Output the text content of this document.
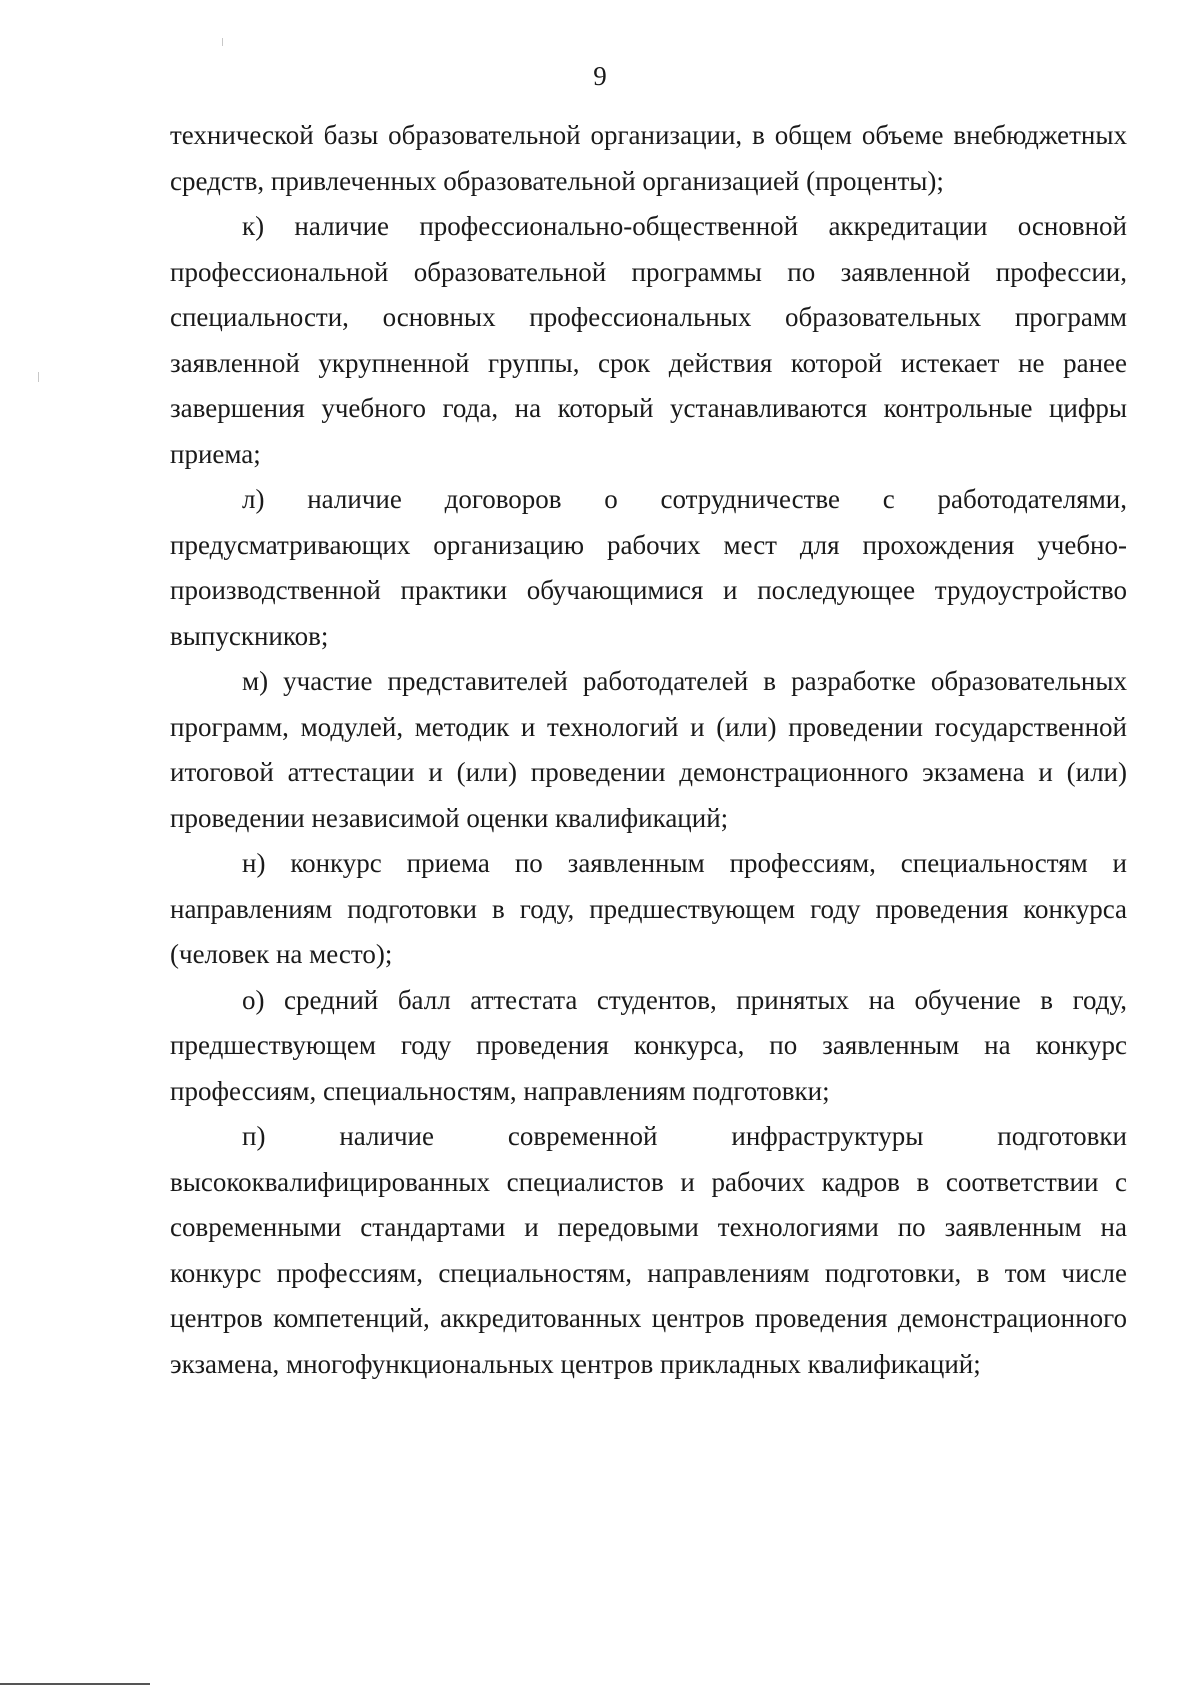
9

технической базы образовательной организации, в общем объеме внебюджетных средств, привлеченных образовательной организацией (проценты);

к) наличие профессионально-общественной аккредитации основной профессиональной образовательной программы по заявленной профессии, специальности, основных профессиональных образовательных программ заявленной укрупненной группы, срок действия которой истекает не ранее завершения учебного года, на который устанавливаются контрольные цифры приема;

л) наличие договоров о сотрудничестве с работодателями, предусматривающих организацию рабочих мест для прохождения учебно-производственной практики обучающимися и последующее трудоустройство выпускников;

м) участие представителей работодателей в разработке образовательных программ, модулей, методик и технологий и (или) проведении государственной итоговой аттестации и (или) проведении демонстрационного экзамена и (или) проведении независимой оценки квалификаций;

н) конкурс приема по заявленным профессиям, специальностям и направлениям подготовки в году, предшествующем году проведения конкурса (человек на место);

о) средний балл аттестата студентов, принятых на обучение в году, предшествующем году проведения конкурса, по заявленным на конкурс профессиям, специальностям, направлениям подготовки;

п) наличие современной инфраструктуры подготовки высококвалифицированных специалистов и рабочих кадров в соответствии с современными стандартами и передовыми технологиями по заявленным на конкурс профессиям, специальностям, направлениям подготовки, в том числе центров компетенций, аккредитованных центров проведения демонстрационного экзамена, многофункциональных центров прикладных квалификаций;
